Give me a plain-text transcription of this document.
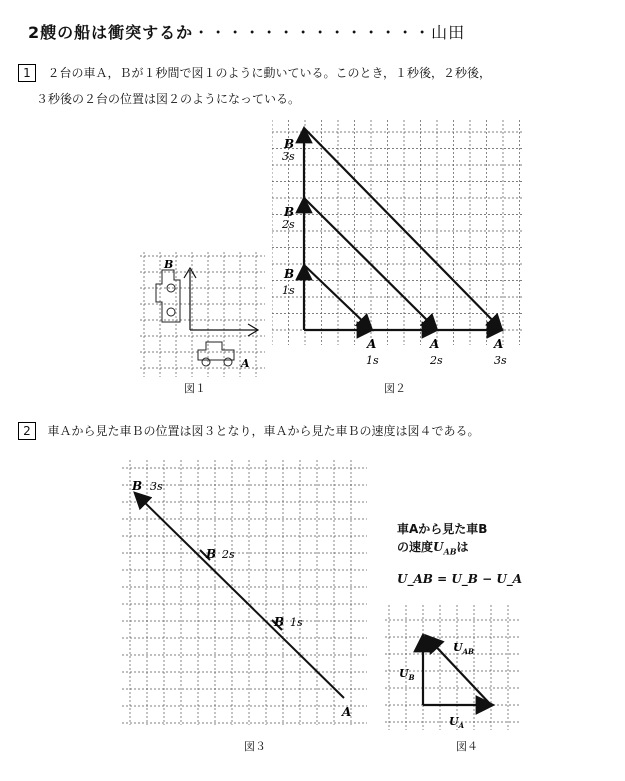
2艘の船は衝突するか・・・・・・・・・・・・・・山田
1 ２台の車Ａ，Ｂが１秒間で図１のように動いている。このとき，１秒後，２秒後，
３秒後の２台の位置は図２のようになっている。
B
A
図１
B
3s
B
2s
B
1s
A
1s
A
2s
A
3s
図２
2 車Ａから見た車Ｂの位置は図３となり，車Ａから見た車Ｂの速度は図４である。
B 3s
B 2s
B 1s
A
図３
車Aから見た車B
の速度$U_{AB}$は
U_AB = U_B − U_A
$U_{AB}$
$U_B$
$U_A$
図４
